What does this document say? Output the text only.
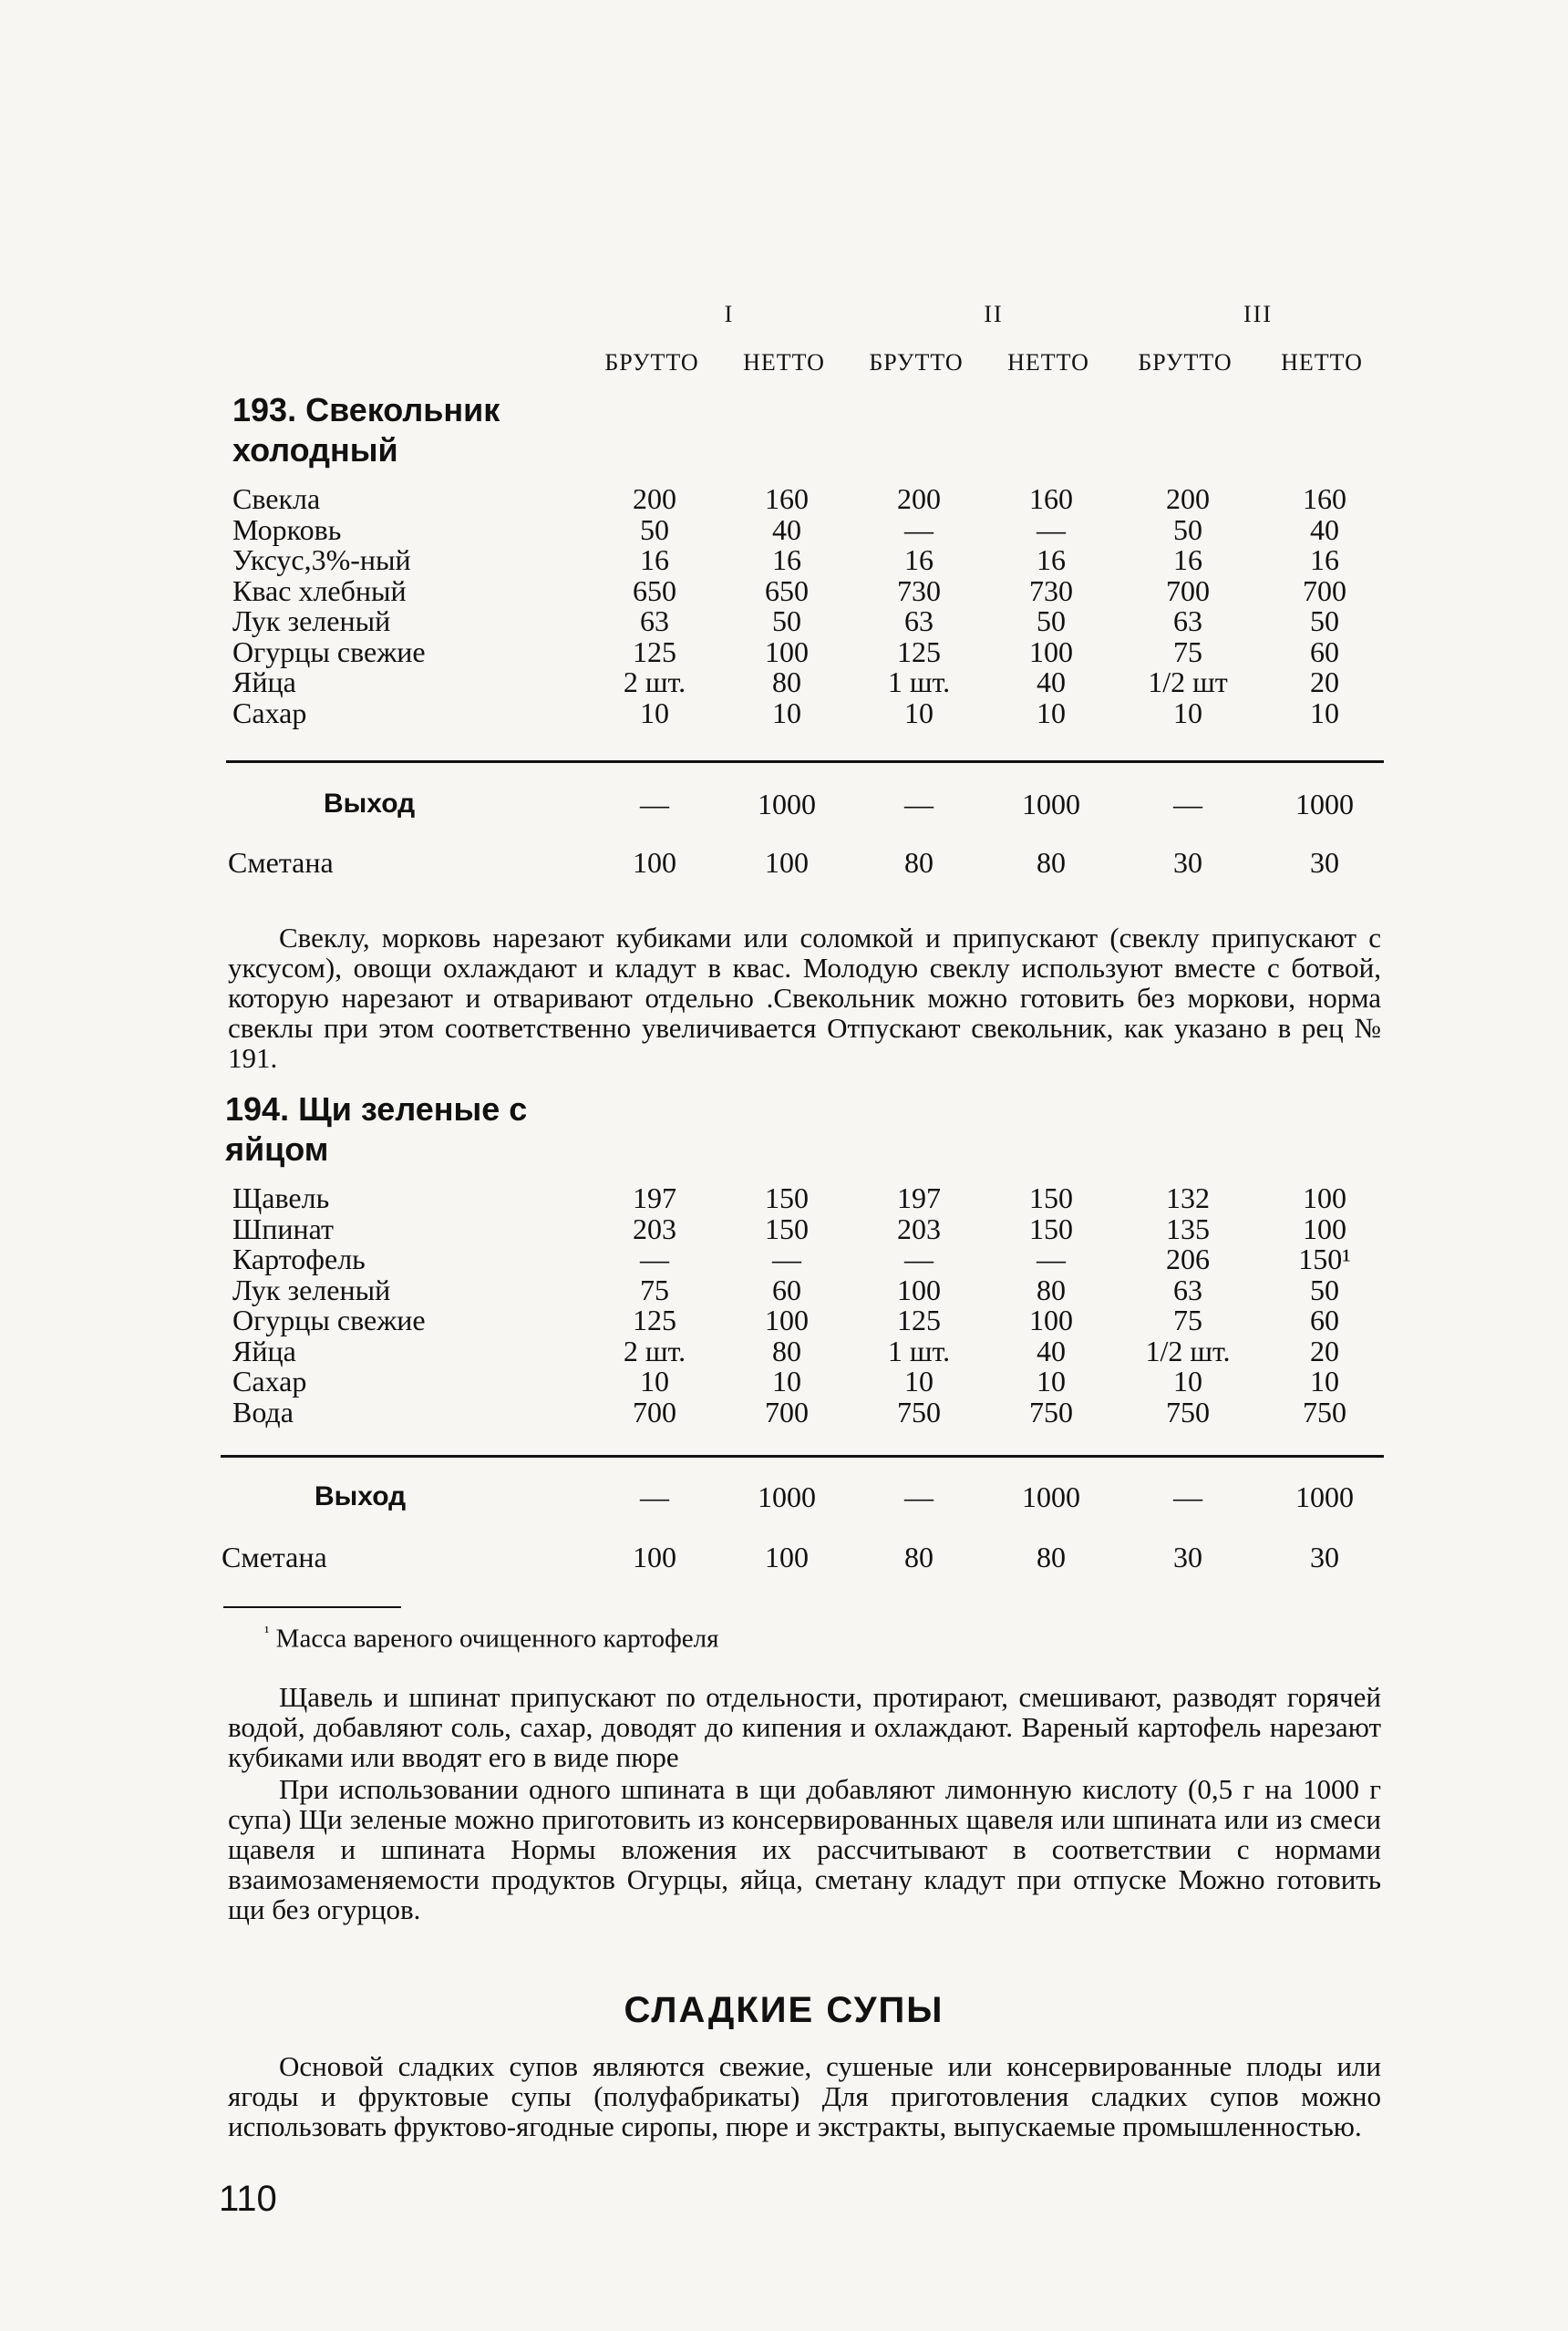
I	II	III
БРУТТО	НЕТТО	БРУТТО	НЕТТО	БРУТТО	НЕТТО
193. Свекольник холодный
Свекла	200	160	200	160	200	160
Морковь	50	40	—	—	50	40
Уксус,3%-ный	16	16	16	16	16	16
Квас хлебный	650	650	730	730	700	700
Лук зеленый	63	50	63	50	63	50
Огурцы свежие	125	100	125	100	75	60
Яйца	2 шт.	80	1 шт.	40	1/2 шт	20
Сахар	10	10	10	10	10	10
Выход	—	1000	—	1000	—	1000
Сметана	100	100	80	80	30	30
Свеклу, морковь нарезают кубиками или соломкой и припускают (свеклу припускают с уксусом), овощи охлаждают и кладут в квас. Молодую свеклу используют вместе с ботвой, которую нарезают и отваривают отдельно .Свекольник можно готовить без моркови, норма свеклы при этом соответственно увеличивается Отпускают свекольник, как указано в рец № 191.
194. Щи зеленые с яйцом
Щавель	197	150	197	150	132	100
Шпинат	203	150	203	150	135	100
Картофель	—	—	—	—	206	150¹
Лук зеленый	75	60	100	80	63	50
Огурцы свежие	125	100	125	100	75	60
Яйца	2 шт.	80	1 шт.	40	1/2 шт.	20
Сахар	10	10	10	10	10	10
Вода	700	700	750	750	750	750
Выход	—	1000	—	1000	—	1000
Сметана	100	100	80	80	30	30
$^{^1}$ Масса вареного очищенного картофеля
Щавель и шпинат припускают по отдельности, протирают, смешивают, разводят горячей водой, добавляют соль, сахар, доводят до кипения и охлаждают. Вареный картофель нарезают кубиками или вводят его в виде пюре
При использовании одного шпината в щи добавляют лимонную кислоту (0,5 г на 1000 г супа) Щи зеленые можно приготовить из консервированных щавеля или шпината или из смеси щавеля и шпината Нормы вложения их рассчитывают в соответствии с нормами взаимозаменяемости продуктов Огурцы, яйца, сметану кладут при отпуске Можно готовить щи без огурцов.
СЛАДКИЕ СУПЫ
Основой сладких супов являются свежие, сушеные или консервированные плоды или ягоды и фруктовые супы (полуфабрикаты) Для приготовления сладких супов можно использовать фруктово-ягодные сиропы, пюре и экстракты, выпускаемые промышленностью.
110
